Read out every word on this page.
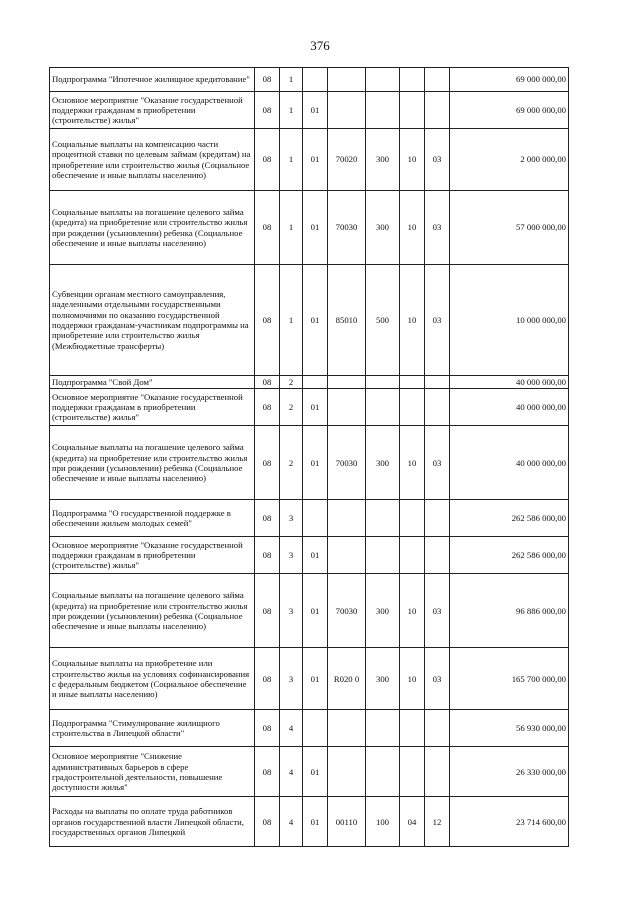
376
Подпрограмма "Ипотечное жилищное кредитование"	08	1						69 000 000,00
Основное мероприятие "Оказание государственной поддержки гражданам в приобретении (строительстве) жилья"	08	1	01					69 000 000,00
Социальные выплаты на компенсацию части процентной ставки по целевым займам (кредитам) на приобретение или строительство жилья (Социальное обеспечение и иные выплаты населению)	08	1	01	70020	300	10	03	2 000 000,00
Социальные выплаты на погашение целевого займа (кредита) на приобретение или строительство жилья при рождении (усыновлении) ребенка (Социальное обеспечение и иные выплаты населению)	08	1	01	70030	300	10	03	57 000 000,00
Субвенции органам местного самоуправления, наделенными отдельными государственными полномочиями по оказанию государственной поддержки гражданам-участникам подпрограммы на приобретение или строительство жилья (Межбюджетные трансферты)	08	1	01	85010	500	10	03	10 000 000,00
Подпрограмма "Свой Дом"	08	2						40 000 000,00
Основное мероприятие "Оказание государственной поддержки гражданам в приобретении (строительстве) жилья"	08	2	01					40 000 000,00
Социальные выплаты на погашение целевого займа (кредита) на приобретение или строительство жилья при рождении (усыновлении) ребенка (Социальное обеспечение и иные выплаты населению)	08	2	01	70030	300	10	03	40 000 000,00
Подпрограмма "О государственной поддержке в обеспечении жильем молодых семей"	08	3						262 586 000,00
Основное мероприятие "Оказание государственной поддержки гражданам в приобретении (строительстве) жилья"	08	3	01					262 586 000,00
Социальные выплаты на погашение целевого займа (кредита) на приобретение или строительство жилья при рождении (усыновлении) ребенка (Социальное обеспечение и иные выплаты населению)	08	3	01	70030	300	10	03	96 886 000,00
Социальные выплаты на приобретение или строительство жилья на условиях софинансирования с федеральным бюджетом (Социальное обеспечение и иные выплаты населению)	08	3	01	R020 0	300	10	03	165 700 000,00
Подпрограмма "Стимулирование жилищного строительства в Липецкой области"	08	4						56 930 000,00
Основное мероприятие "Снижение административных барьеров в сфере градостроительной деятельности, повышение доступности жилья"	08	4	01					26 330 000,00
Расходы на выплаты по оплате труда работников органов государственной власти Липецкой области, государственных органов Липецкой	08	4	01	00110	100	04	12	23 714 600,00
